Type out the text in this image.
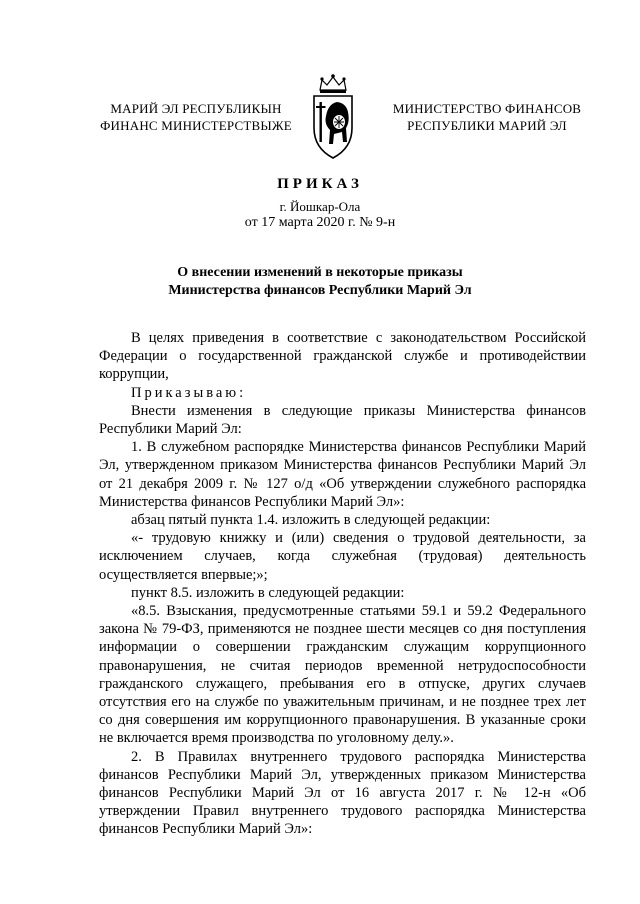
МАРИЙ ЭЛ РЕСПУБЛИКЫН
ФИНАНС МИНИСТЕРСТВЫЖЕ
МИНИСТЕРСТВО ФИНАНСОВ
РЕСПУБЛИКИ МАРИЙ ЭЛ
ПРИКАЗ
г. Йошкар-Ола
от 17 марта 2020 г. № 9-н
О внесении изменений в некоторые приказы
Министерства финансов Республики Марий Эл

В целях приведения в соответствие с законодательством Российской Федерации о государственной гражданской службе и противодействии коррупции,

Приказываю:

Внести изменения в следующие приказы Министерства финансов Республики Марий Эл:

1. В служебном распорядке Министерства финансов Республики Марий Эл, утвержденном приказом Министерства финансов Республики Марий Эл от 21 декабря 2009 г. № 127 о/д «Об утверждении служебного распорядка Министерства финансов Республики Марий Эл»:

абзац пятый пункта 1.4. изложить в следующей редакции:

«- трудовую книжку и (или) сведения о трудовой деятельности, за исключением случаев, когда служебная (трудовая) деятельность осуществляется впервые;»;

пункт 8.5. изложить в следующей редакции:

«8.5. Взыскания, предусмотренные статьями 59.1 и 59.2 Федерального закона № 79-ФЗ, применяются не позднее шести месяцев со дня поступления информации о совершении гражданским служащим коррупционного правонарушения, не считая периодов временной нетрудоспособности гражданского служащего, пребывания его в отпуске, других случаев отсутствия его на службе по уважительным причинам, и не позднее трех лет со дня совершения им коррупционного правонарушения. В указанные сроки не включается время производства по уголовному делу.».

2. В Правилах внутреннего трудового распорядка Министерства финансов Республики Марий Эл, утвержденных приказом Министерства финансов Республики Марий Эл от 16 августа 2017 г. № 12-н «Об утверждении Правил внутреннего трудового распорядка Министерства финансов Республики Марий Эл»:
